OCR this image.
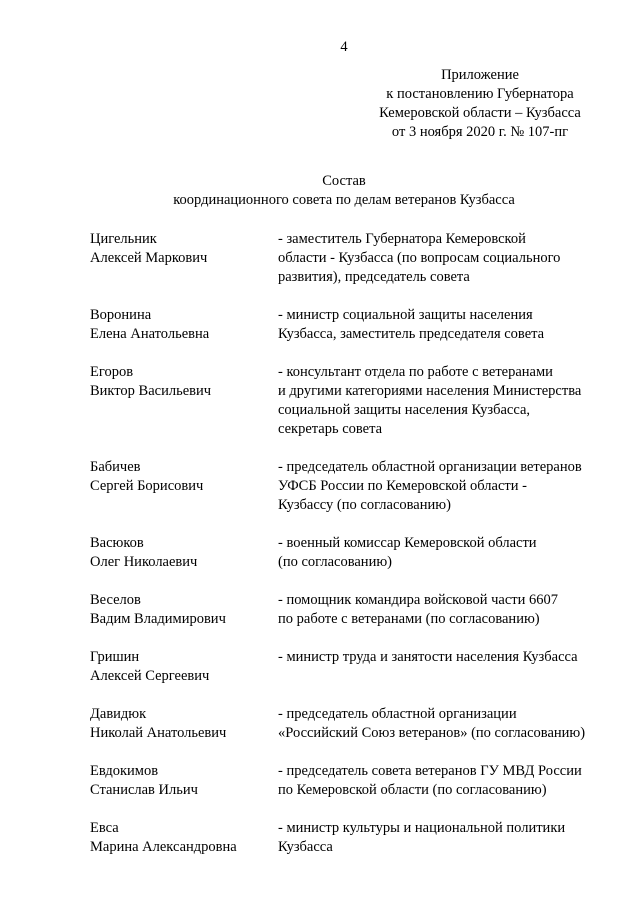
4
Приложение
к постановлению Губернатора
Кемеровской области – Кузбасса
от 3 ноября 2020 г. № 107-пг
Состав
координационного совета по делам ветеранов Кузбасса
Цигельник
Алексей Маркович
- заместитель Губернатора Кемеровской
области - Кузбасса (по вопросам социального
развития), председатель совета
Воронина
Елена Анатольевна
- министр социальной защиты населения
Кузбасса, заместитель председателя совета
Егоров
Виктор Васильевич
- консультант отдела по работе с ветеранами
и другими категориями населения Министерства
социальной защиты населения Кузбасса,
секретарь совета
Бабичев
Сергей Борисович
- председатель областной организации ветеранов
УФСБ России по Кемеровской области -
Кузбассу (по согласованию)
Васюков
Олег Николаевич
- военный комиссар Кемеровской области
(по согласованию)
Веселов
Вадим Владимирович
- помощник командира войсковой части 6607
по работе с ветеранами (по согласованию)
Гришин
Алексей Сергеевич
- министр труда и занятости населения Кузбасса
Давидюк
Николай Анатольевич
- председатель областной организации
«Российский Союз ветеранов» (по согласованию)
Евдокимов
Станислав Ильич
- председатель совета ветеранов ГУ МВД России
по Кемеровской области (по согласованию)
Евса
Марина Александровна
- министр культуры и национальной политики
Кузбасса
